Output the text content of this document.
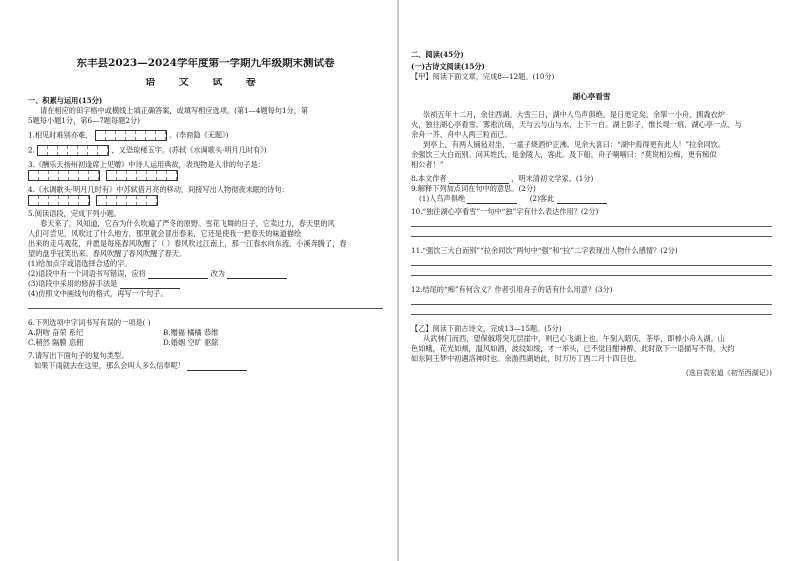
东丰县2023—2024学年度第一学期九年级期末测试卷
语 文 试 卷
一、积累与运用(15分)
请在相应的田字格中或横线上填正确答案，或填写相应选项。(第1—4题每句1分，第
5题每小题1分，第6—7题每题2分)
1.相见时难别亦难，	。(李商隐《无题》)
2.	，又恐琼楼玉宇。(苏轼《水调歌头·明月几时有》)
3.《酬乐天扬州初逢席上见赠》中诗人运用典故，表现物是人非的句子是：

4.《水调歌头·明月几时有》中苏轼借月亮的移动，间接写出人物彻夜未眠的诗句：

5.阅读语段，完成下列小题。
春天来了，风知道，它吞为什么吹遍了严冬的原野。雪花飞舞的日子，它卖过力，春天里的风
人们可尝见，风吹过了什么地方，那里就会冒出春来，它还是使我一把春天的味道描绘
出来的走马观花，并愿是每座春风吹醒了（ ）春风吹过江南上，那一江春水向东流，小溪奔腾了，春
望的盘乎冠笑出来。春风吹醒了春风吹醒了春天。
(1)给加点字或语选择合适的字。
(2)语段中有一个词语书写错误，应将	改为
(3)语段中采用的修辞手法是
(4)仿照文中画线句的格式，再写一个句子。
6.下列选项中字词书写有误的一项是( )
A.阴吻 奋荣 系纪	B.赠福 橘橘 恭维
C.稍然 隔膜 恣佣	D.婚姻 空旷 驱除
7.请写出下面句子的复句类型。
如果下雨就去在这里，那么会叫人多么信奉呢！
二、阅读(45分)
(一)古诗文阅读(15分)
【甲】阅读下面文章，完成8—12题。(10分)
湖心亭看雪
崇祯五年十二月，余住西湖。大雪三日，湖中人鸟声俱绝。是日更定矣，余挐一小舟，拥毳衣炉
火，独往湖心亭看雪。雾凇沆砀，天与云与山与水，上下一白。湖上影子，惟长堤一痕、湖心亭一点、与
余舟一芥、舟中人两三粒而已。
到亭上，有两人铺毡对坐，一童子烧酒炉正沸。见余大喜曰：“湖中焉得更有此人！”拉余同饮。
余强饮三大白而别。问其姓氏，是金陵人，客此。及下船，舟子喃喃曰：“莫说相公痴，更有痴似
相公者！”
8.本文作者	，明末清初文学家。(1分)
9.解释下列加点词在句中的意思。(2分)
(1)人鸟声俱绝	(2)客此
10.“独往湖心亭看雪”一句中“独”字有什么表达作用？(2分)
11.“强饮三大白而别”“拉余同饮”两句中“强”和“拉”二字表现出人物什么感情？(2分)
12.结尾的“痴”有何含义？作者引用舟子的话有什么用意？(3分)
【乙】阅读下面古诗文，完成13—15题。(5分)
从武林门而西，望保俶塔突兀层崖中，则已心飞湖上也。午刻入昭庆，茶毕，即棹小舟入湖。山
色如蛾，花光如颊，温风如酒，波纹如绫，才一举头，已不觉目酣神醉，此时欲下一语描写不得，大约
如东阿王梦中初遇洛神时也。余游西湖始此，时万历丁酉二月十四日也。
(选自袁宏道《初至西湖记》)
